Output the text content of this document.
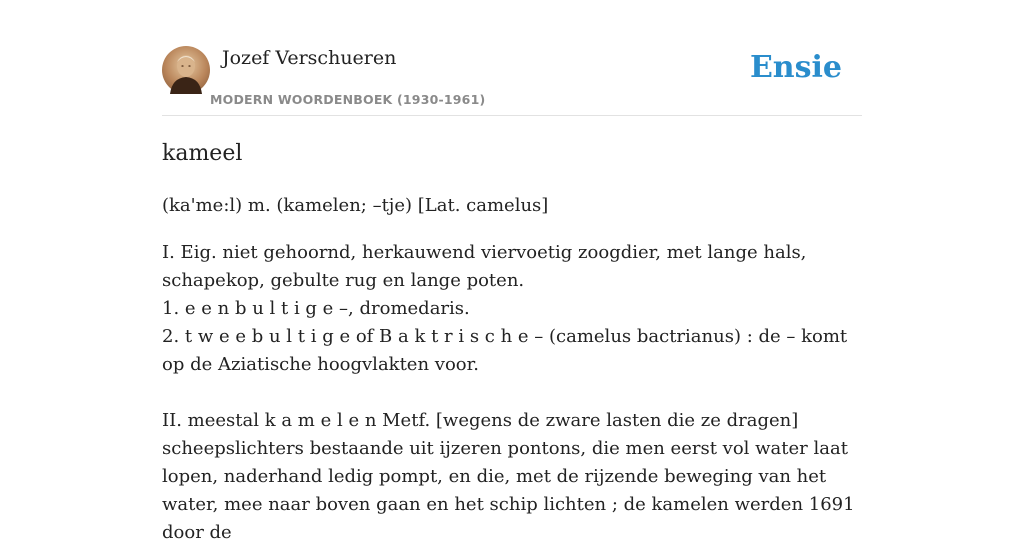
Jozef Verschueren
MODERN WOORDENBOEK (1930-1961)
Ensie
kameel
(ka'me:l) m. (kamelen; –tje) [Lat. camelus]

I. Eig. niet gehoornd, herkauwend viervoetig zoogdier, met lange hals, schapekop, gebulte rug en lange poten.

1. e e n b u l t i g e –, dromedaris.

2. t w e e b u l t i g e of B a k t r i s c h e – (camelus bactrianus) : de – komt op de Aziatische hoogvlakten voor.

II. meestal k a m e l e n Metf. [wegens de zware lasten die ze dragen] scheepslichters bestaande uit ijzeren pontons, die men eerst vol water laat lopen, naderhand ledig pompt, en die, met de rijzende beweging van het water, mee naar boven gaan en het schip lichten ; de kamelen werden 1691 door de
